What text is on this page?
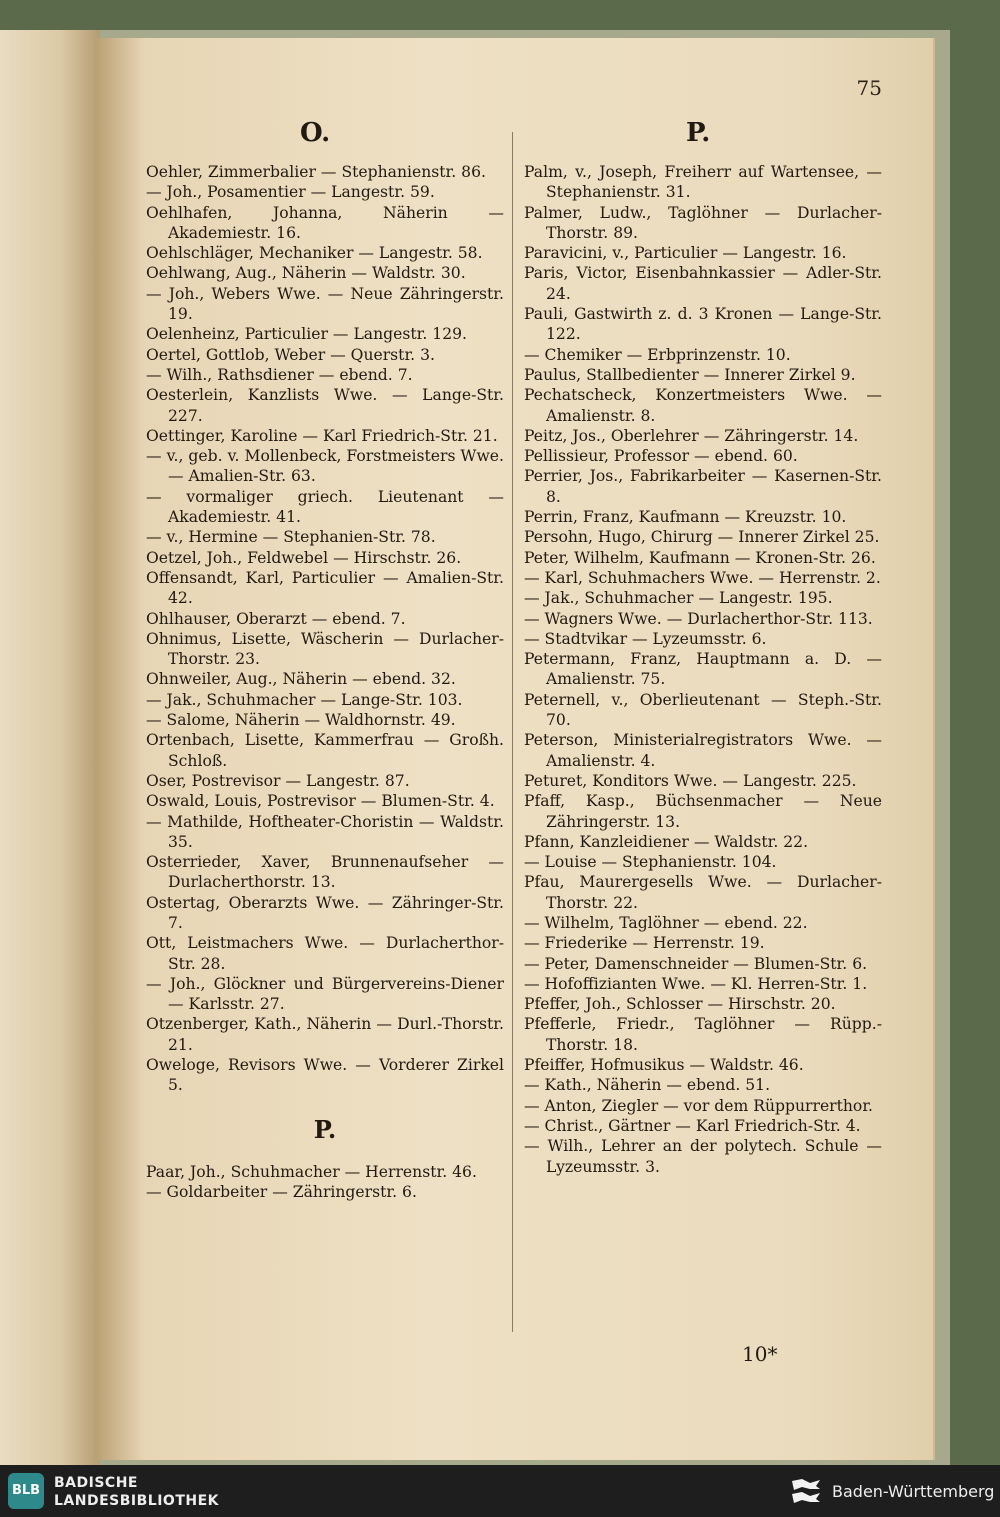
75
O.	P.

Oehler, Zimmerbalier — Stephanienstr. 86.

— Joh., Posamentier — Langestr. 59.

Oehlhafen, Johanna, Näherin — Akademiestr. 16.

Oehlschläger, Mechaniker — Langestr. 58.

Oehlwang, Aug., Näherin — Waldstr. 30.

— Joh., Webers Wwe. — Neue Zähringerstr. 19.

Oelenheinz, Particulier — Langestr. 129.

Oertel, Gottlob, Weber — Querstr. 3.

— Wilh., Rathsdiener — ebend. 7.

Oesterlein, Kanzlists Wwe. — Lange-Str. 227.

Oettinger, Karoline — Karl Friedrich-Str. 21.

— v., geb. v. Mollenbeck, Forstmeisters Wwe. — Amalien-Str. 63.

— vormaliger griech. Lieutenant — Akademiestr. 41.

— v., Hermine — Stephanien-Str. 78.

Oetzel, Joh., Feldwebel — Hirschstr. 26.

Offensandt, Karl, Particulier — Amalien-Str. 42.

Ohlhauser, Oberarzt — ebend. 7.

Ohnimus, Lisette, Wäscherin — Durlacher-Thorstr. 23.

Ohnweiler, Aug., Näherin — ebend. 32.

— Jak., Schuhmacher — Lange-Str. 103.

— Salome, Näherin — Waldhornstr. 49.

Ortenbach, Lisette, Kammerfrau — Großh. Schloß.

Oser, Postrevisor — Langestr. 87.

Oswald, Louis, Postrevisor — Blumen-Str. 4.

— Mathilde, Hoftheater-Choristin — Waldstr. 35.

Osterrieder, Xaver, Brunnenaufseher — Durlacherthorstr. 13.

Ostertag, Oberarzts Wwe. — Zähringer-Str. 7.

Ott, Leistmachers Wwe. — Durlacherthor-Str. 28.

— Joh., Glöckner und Bürgervereins-Diener — Karlsstr. 27.

Otzenberger, Kath., Näherin — Durl.-Thorstr. 21.

Oweloge, Revisors Wwe. — Vorderer Zirkel 5.

P.

Paar, Joh., Schuhmacher — Herrenstr. 46.

— Goldarbeiter — Zähringerstr. 6.

Palm, v., Joseph, Freiherr auf Wartensee, — Stephanienstr. 31.

Palmer, Ludw., Taglöhner — Durlacher-Thorstr. 89.

Paravicini, v., Particulier — Langestr. 16.

Paris, Victor, Eisenbahnkassier — Adler-Str. 24.

Pauli, Gastwirth z. d. 3 Kronen — Lange-Str. 122.

— Chemiker — Erbprinzenstr. 10.

Paulus, Stallbedienter — Innerer Zirkel 9.

Pechatscheck, Konzertmeisters Wwe. — Amalienstr. 8.

Peitz, Jos., Oberlehrer — Zähringerstr. 14.

Pellissieur, Professor — ebend. 60.

Perrier, Jos., Fabrikarbeiter — Kasernen-Str. 8.

Perrin, Franz, Kaufmann — Kreuzstr. 10.

Persohn, Hugo, Chirurg — Innerer Zirkel 25.

Peter, Wilhelm, Kaufmann — Kronen-Str. 26.

— Karl, Schuhmachers Wwe. — Herrenstr. 2.

— Jak., Schuhmacher — Langestr. 195.

— Wagners Wwe. — Durlacherthor-Str. 113.

— Stadtvikar — Lyzeumsstr. 6.

Petermann, Franz, Hauptmann a. D. — Amalienstr. 75.

Peternell, v., Oberlieutenant — Steph.-Str. 70.

Peterson, Ministerialregistrators Wwe. — Amalienstr. 4.

Peturet, Konditors Wwe. — Langestr. 225.

Pfaff, Kasp., Büchsenmacher — Neue Zähringerstr. 13.

Pfann, Kanzleidiener — Waldstr. 22.

— Louise — Stephanienstr. 104.

Pfau, Maurergesells Wwe. — Durlacher-Thorstr. 22.

— Wilhelm, Taglöhner — ebend. 22.

— Friederike — Herrenstr. 19.

— Peter, Damenschneider — Blumen-Str. 6.

— Hofoffizianten Wwe. — Kl. Herren-Str. 1.

Pfeffer, Joh., Schlosser — Hirschstr. 20.

Pfefferle, Friedr., Taglöhner — Rüpp.-Thorstr. 18.

Pfeiffer, Hofmusikus — Waldstr. 46.

— Kath., Näherin — ebend. 51.

— Anton, Ziegler — vor dem Rüppurrerthor.

— Christ., Gärtner — Karl Friedrich-Str. 4.

— Wilh., Lehrer an der polytech. Schule — Lyzeumsstr. 3.

10*
BLB BADISCHE
LANDESBIBLIOTHEK	Baden-Württemberg
